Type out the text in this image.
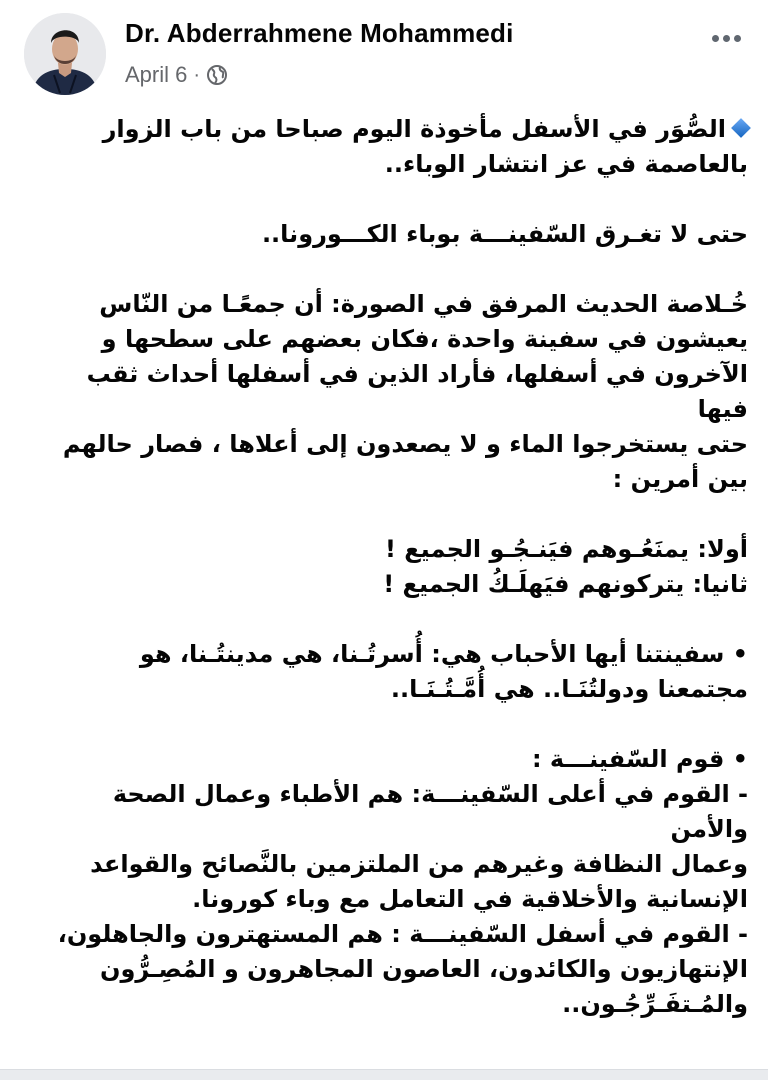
Dr. Abderrahmene Mohammedi
April 6 ·

الصُّوَر في الأسفل مأخوذة اليوم صباحا من باب الزوار

بالعاصمة في عز انتشار الوباء..

حتى لا تغـرق السّفينـــة بوباء الكـــورونا..

خُـلاصة الحديث المرفق في الصورة: أن جمعًـا من النّاس

يعيشون في سفينة واحدة ،فكان بعضهم على سطحها و

الآخرون في أسفلها، فأراد الذين في أسفلها أحداث ثقب فيها

حتى يستخرجوا الماء و لا يصعدون إلى أعلاها ، فصار حالهم

بين أمرين :

أولا: يمنَعُـوهم فيَنـجُـو الجميع !

ثانيا: يتركونهم فيَهلَـكُ الجميع !

• سفينتنا أيها الأحباب هي: أُسرتُـنا، هي مدينتُـنا، هو

مجتمعنا ودولتُنَـا.. هي أُمَّـتُـنَـا..

• قوم السّفينـــة :

- القوم في أعلى السّفينـــة: هم الأطباء وعمال الصحة والأمن

وعمال النظافة وغيرهم من الملتزمين بالنَّصائح والقواعد

الإنسانية والأخلاقية في التعامل مع وباء كورونا.

- القوم في أسفل السّفينـــة : هم المستهترون والجاهلون،

الإنتهازيون والكائدون، العاصون المجاهرون و المُصِـرُّون

والمُـتفَـرِّجُـون..
